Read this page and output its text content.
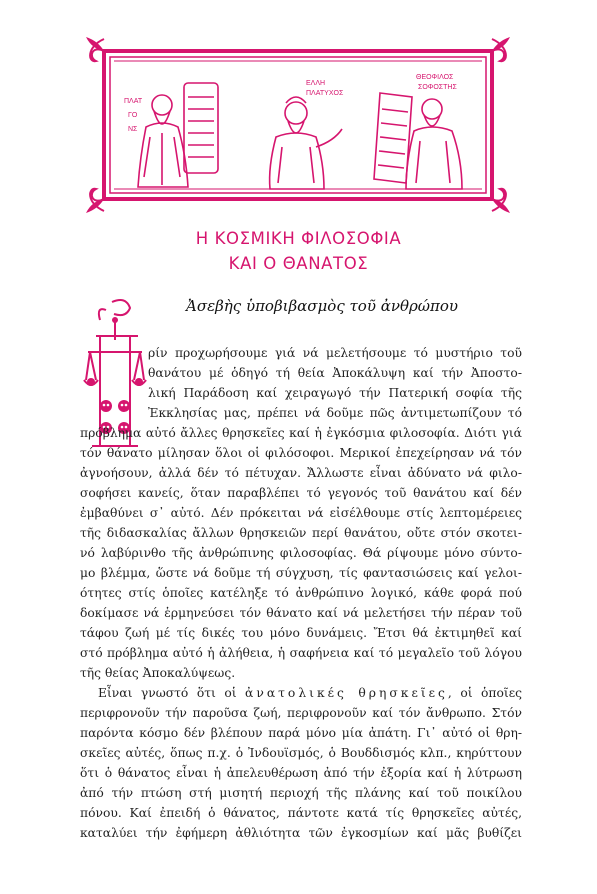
ΠΛΑΤ
ΓΟ
ΝΣ
ΕΛΛΗ
ΠΛΑΤΥΧΟΣ
ΘΕΟΦΙΛΟΣ
ΣΟΦΟΣΤΗΣ
Η ΚΟΣΜΙΚΗ ΦΙΛΟΣΟΦΙΑ
ΚΑΙ Ο ΘΑΝΑΤΟΣ
Ἀσεβὴς ὑποβιβασμὸς τοῦ ἀνθρώπου
ρίν προχωρήσουμε γιά νά μελετήσουμε τό μυστήριο τοῦ
θανάτου μέ ὁδηγό τή θεία Ἀποκάλυψη καί τήν Ἀποστο-
λική Παράδοση καί χειραγωγό τήν Πατερική σοφία τῆς
Ἐκκλησίας μας, πρέπει νά δοῦμε πῶς ἀντιμετωπίζουν τό
πρόβλημα αὐτό ἄλλες θρησκεῖες καί ἡ ἐγκόσμια φιλοσοφία. Διότι γιά
τόν θάνατο μίλησαν ὅλοι οἱ φιλόσοφοι. Μερικοί ἐπεχείρησαν νά τόν
ἀγνοήσουν, ἀλλά δέν τό πέτυχαν. Ἄλλωστε εἶναι ἀδύνατο νά φιλο-
σοφήσει κανείς, ὅταν παραβλέπει τό γεγονός τοῦ θανάτου καί δέν
ἐμβαθύνει σ᾽ αὐτό. Δέν πρόκειται νά εἰσέλθουμε στίς λεπτομέρειες
τῆς διδασκαλίας ἄλλων θρησκειῶν περί θανάτου, οὔτε στόν σκοτει-
νό λαβύρινθο τῆς ἀνθρώπινης φιλοσοφίας. Θά ρίψουμε μόνο σύντο-
μο βλέμμα, ὥστε νά δοῦμε τή σύγχυση, τίς φαντασιώσεις καί γελοι-
ότητες στίς ὁποῖες κατέληξε τό ἀνθρώπινο λογικό, κάθε φορά πού
δοκίμασε νά ἑρμηνεύσει τόν θάνατο καί νά μελετήσει τήν πέραν τοῦ
τάφου ζωή μέ τίς δικές του μόνο δυνάμεις. Ἔτσι θά ἐκτιμηθεῖ καί
στό πρόβλημα αὐτό ἡ ἀλήθεια, ἡ σαφήνεια καί τό μεγαλεῖο τοῦ λόγου
τῆς θείας Ἀποκαλύψεως.
Εἶναι γνωστό ὅτι οἱ ἀνατολικές θρησκεῖες, οἱ ὁποῖες
περιφρονοῦν τήν παροῦσα ζωή, περιφρονοῦν καί τόν ἄνθρωπο. Στόν
παρόντα κόσμο δέν βλέπουν παρά μόνο μία ἀπάτη. Γι᾽ αὐτό οἱ θρη-
σκεῖες αὐτές, ὅπως π.χ. ὁ Ἰνδουϊσμός, ὁ Βουδδισμός κλπ., κηρύττουν
ὅτι ὁ θάνατος εἶναι ἡ ἀπελευθέρωση ἀπό τήν ἐξορία καί ἡ λύτρωση
ἀπό τήν πτώση στή μισητή περιοχή τῆς πλάνης καί τοῦ ποικίλου
πόνου. Καί ἐπειδή ὁ θάνατος, πάντοτε κατά τίς θρησκεῖες αὐτές,
καταλύει τήν ἐφήμερη ἀθλιότητα τῶν ἐγκοσμίων καί μᾶς βυθίζει
